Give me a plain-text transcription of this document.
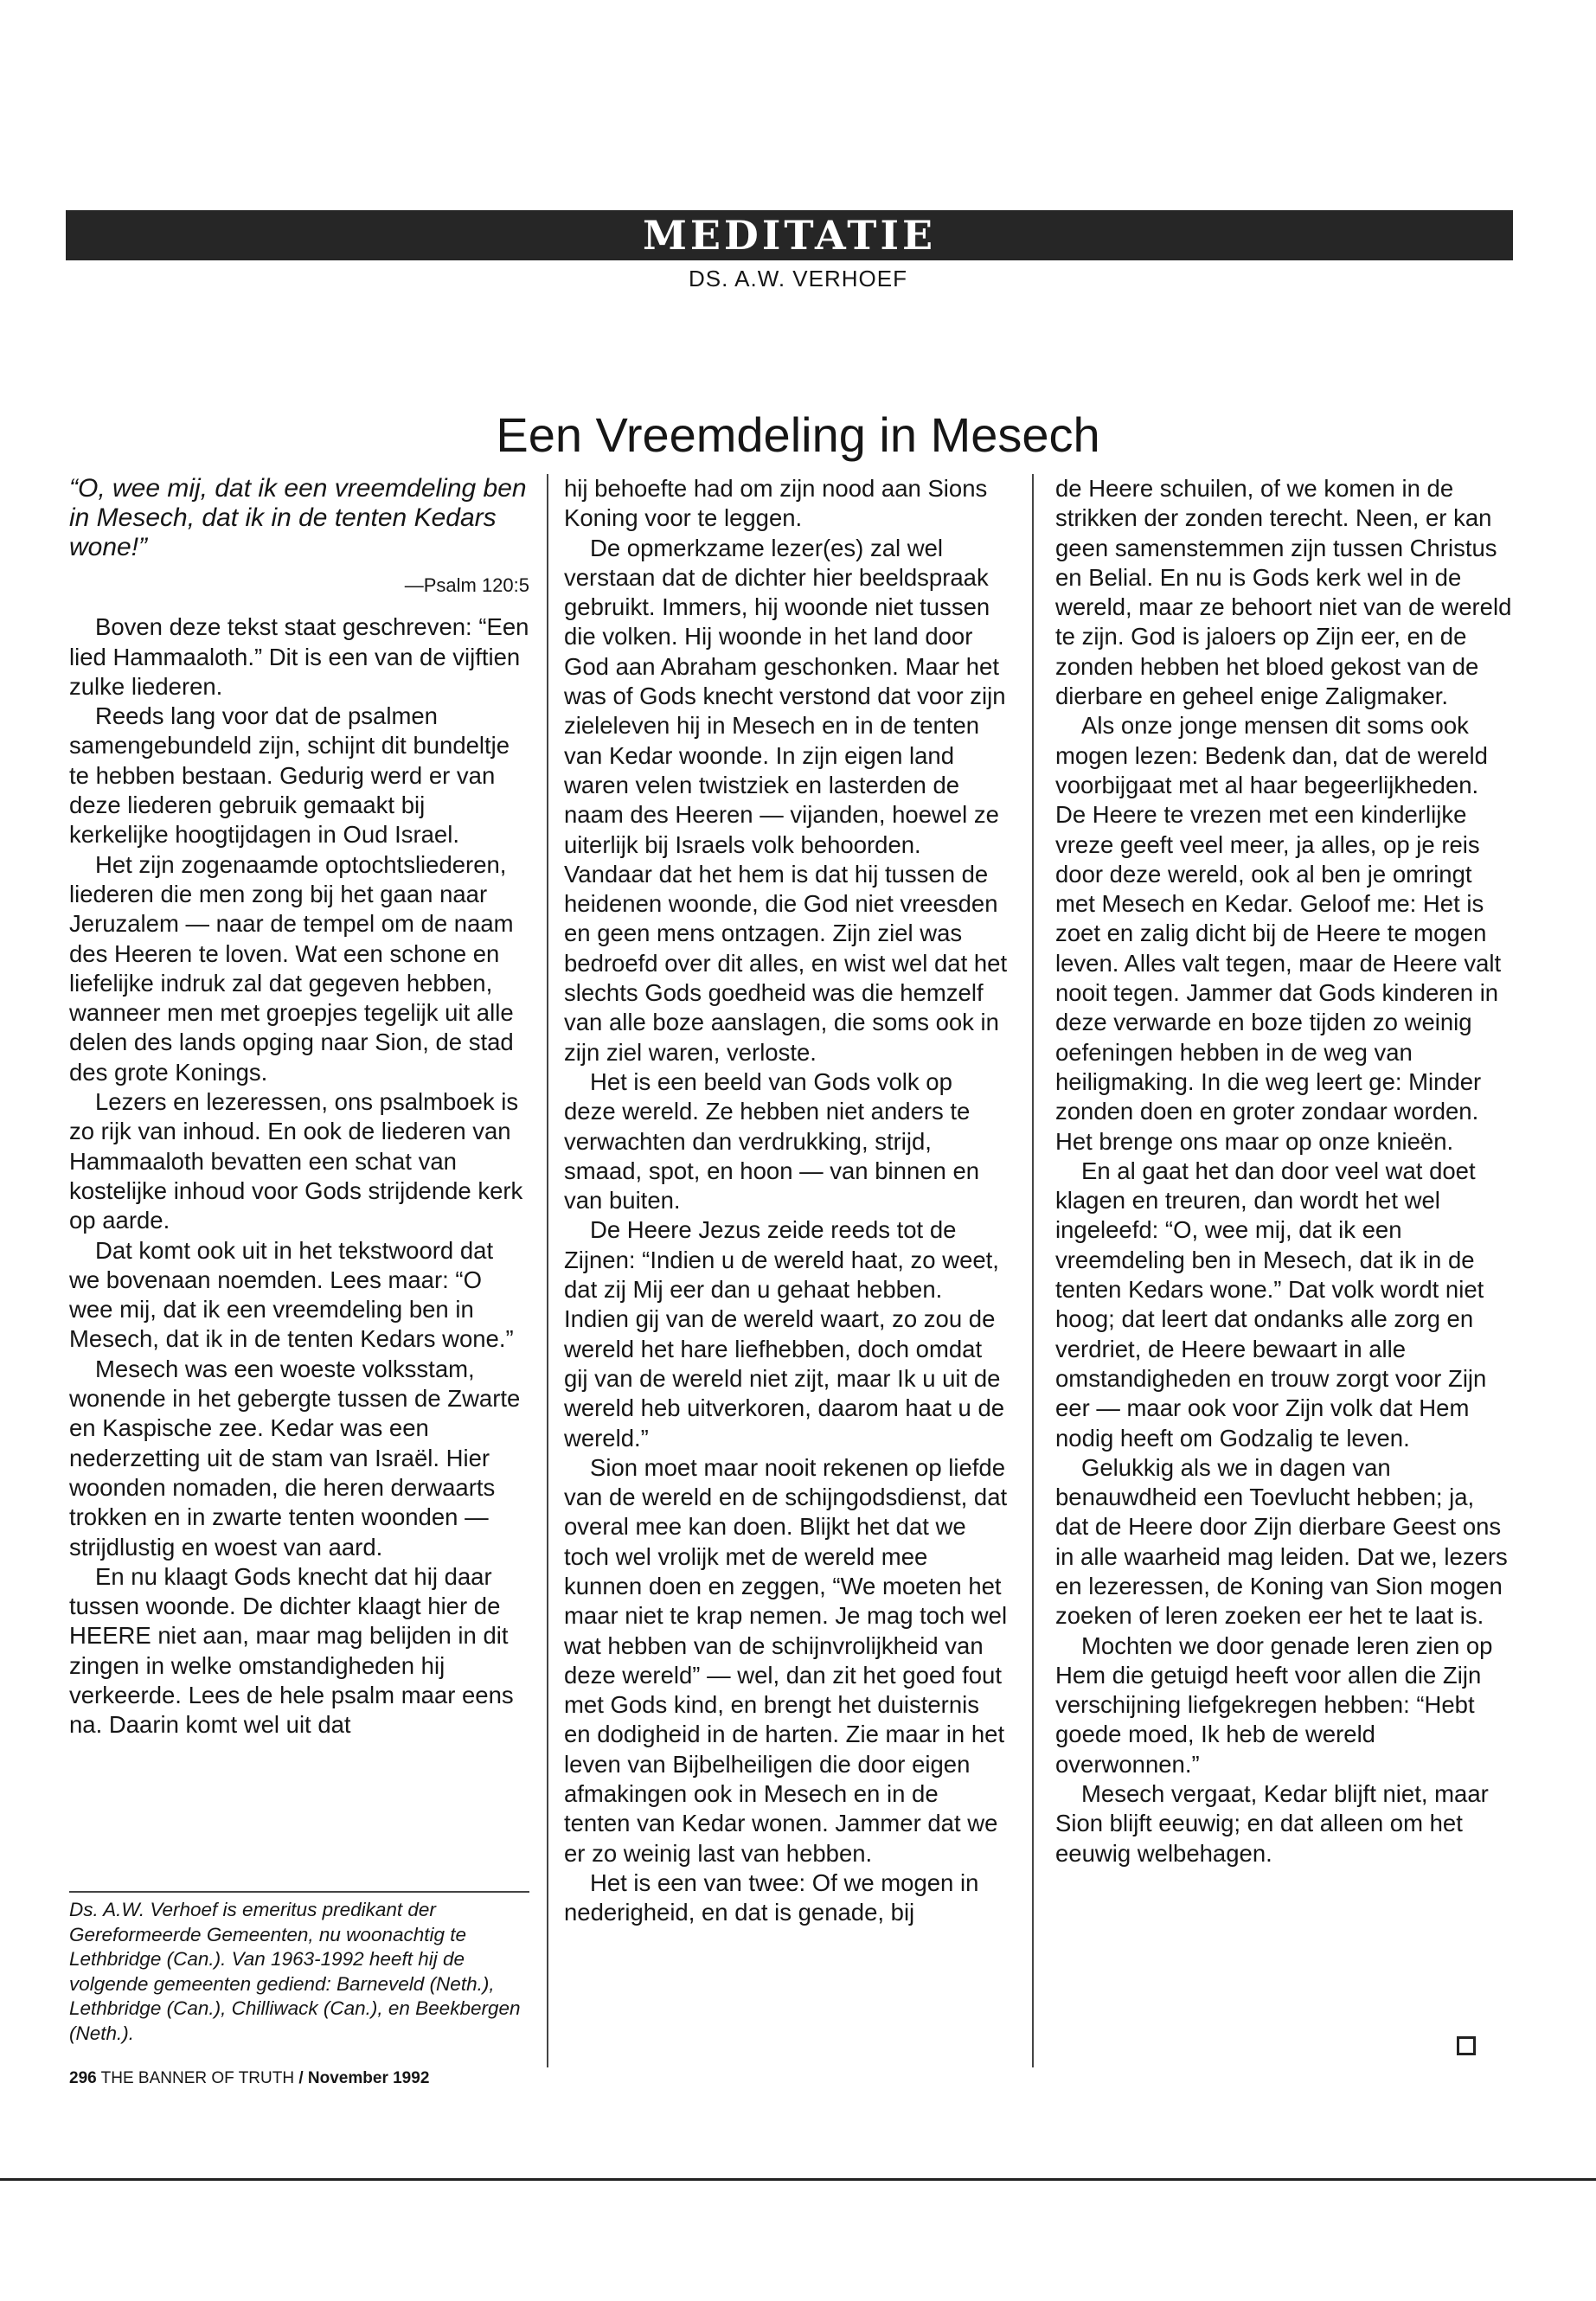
MEDITATIE
DS. A.W. VERHOEF
Een Vreemdeling in Mesech

“O, wee mij, dat ik een vreemdeling ben in Mesech, dat ik in de tenten Kedars wone!”

—Psalm 120:5

Boven deze tekst staat geschreven: “Een lied Hammaaloth.” Dit is een van de vijftien zulke liederen.

Reeds lang voor dat de psalmen samengebundeld zijn, schijnt dit bundeltje te hebben bestaan. Gedurig werd er van deze liederen gebruik gemaakt bij kerkelijke hoogtijdagen in Oud Israel.

Het zijn zogenaamde optochtsliederen, liederen die men zong bij het gaan naar Jeruzalem — naar de tempel om de naam des Heeren te loven. Wat een schone en liefelijke indruk zal dat gegeven hebben, wanneer men met groepjes tegelijk uit alle delen des lands opging naar Sion, de stad des grote Konings.

Lezers en lezeressen, ons psalmboek is zo rijk van inhoud. En ook de liederen van Hammaaloth bevatten een schat van kostelijke inhoud voor Gods strijdende kerk op aarde.

Dat komt ook uit in het tekstwoord dat we bovenaan noemden. Lees maar: “O wee mij, dat ik een vreemdeling ben in Mesech, dat ik in de tenten Kedars wone.”

Mesech was een woeste volksstam, wonende in het gebergte tussen de Zwarte en Kaspische zee. Kedar was een nederzetting uit de stam van Israël. Hier woonden nomaden, die heren derwaarts trokken en in zwarte tenten woonden — strijdlustig en woest van aard.

En nu klaagt Gods knecht dat hij daar tussen woonde. De dichter klaagt hier de HEERE niet aan, maar mag belijden in dit zingen in welke omstandigheden hij verkeerde. Lees de hele psalm maar eens na. Daarin komt wel uit dat

hij behoefte had om zijn nood aan Sions Koning voor te leggen.

De opmerkzame lezer(es) zal wel verstaan dat de dichter hier beeldspraak gebruikt. Immers, hij woonde niet tussen die volken. Hij woonde in het land door God aan Abraham geschonken. Maar het was of Gods knecht verstond dat voor zijn zieleleven hij in Mesech en in de tenten van Kedar woonde. In zijn eigen land waren velen twistziek en lasterden de naam des Heeren — vijanden, hoewel ze uiterlijk bij Israels volk behoorden. Vandaar dat het hem is dat hij tussen de heidenen woonde, die God niet vreesden en geen mens ontzagen. Zijn ziel was bedroefd over dit alles, en wist wel dat het slechts Gods goedheid was die hemzelf van alle boze aanslagen, die soms ook in zijn ziel waren, verloste.

Het is een beeld van Gods volk op deze wereld. Ze hebben niet anders te verwachten dan verdrukking, strijd, smaad, spot, en hoon — van binnen en van buiten.

De Heere Jezus zeide reeds tot de Zijnen: “Indien u de wereld haat, zo weet, dat zij Mij eer dan u gehaat hebben. Indien gij van de wereld waart, zo zou de wereld het hare liefhebben, doch omdat gij van de wereld niet zijt, maar Ik u uit de wereld heb uitverkoren, daarom haat u de wereld.”

Sion moet maar nooit rekenen op liefde van de wereld en de schijngodsdienst, dat overal mee kan doen. Blijkt het dat we toch wel vrolijk met de wereld mee kunnen doen en zeggen, “We moeten het maar niet te krap nemen. Je mag toch wel wat hebben van de schijnvrolijkheid van deze wereld” — wel, dan zit het goed fout met Gods kind, en brengt het duisternis en dodigheid in de harten. Zie maar in het leven van Bijbelheiligen die door eigen afmakingen ook in Mesech en in de tenten van Kedar wonen. Jammer dat we er zo weinig last van hebben.

Het is een van twee: Of we mogen in nederigheid, en dat is genade, bij

de Heere schuilen, of we komen in de strikken der zonden terecht. Neen, er kan geen samenstemmen zijn tussen Christus en Belial. En nu is Gods kerk wel in de wereld, maar ze behoort niet van de wereld te zijn. God is jaloers op Zijn eer, en de zonden hebben het bloed gekost van de dierbare en geheel enige Zaligmaker.

Als onze jonge mensen dit soms ook mogen lezen: Bedenk dan, dat de wereld voorbijgaat met al haar begeerlijkheden. De Heere te vrezen met een kinderlijke vreze geeft veel meer, ja alles, op je reis door deze wereld, ook al ben je omringt met Mesech en Kedar. Geloof me: Het is zoet en zalig dicht bij de Heere te mogen leven. Alles valt tegen, maar de Heere valt nooit tegen. Jammer dat Gods kinderen in deze verwarde en boze tijden zo weinig oefeningen hebben in de weg van heiligmaking. In die weg leert ge: Minder zonden doen en groter zondaar worden. Het brenge ons maar op onze knieën.

En al gaat het dan door veel wat doet klagen en treuren, dan wordt het wel ingeleefd: “O, wee mij, dat ik een vreemdeling ben in Mesech, dat ik in de tenten Kedars wone.” Dat volk wordt niet hoog; dat leert dat ondanks alle zorg en verdriet, de Heere bewaart in alle omstandigheden en trouw zorgt voor Zijn eer — maar ook voor Zijn volk dat Hem nodig heeft om Godzalig te leven.

Gelukkig als we in dagen van benauwdheid een Toevlucht hebben; ja, dat de Heere door Zijn dierbare Geest ons in alle waarheid mag leiden. Dat we, lezers en lezeressen, de Koning van Sion mogen zoeken of leren zoeken eer het te laat is.

Mochten we door genade leren zien op Hem die getuigd heeft voor allen die Zijn verschijning liefgekregen hebben: “Hebt goede moed, Ik heb de wereld overwonnen.”

Mesech vergaat, Kedar blijft niet, maar Sion blijft eeuwig; en dat alleen om het eeuwig welbehagen.

Ds. A.W. Verhoef is emeritus predikant der Gereformeerde Gemeenten, nu woonachtig te Lethbridge (Can.). Van 1963-1992 heeft hij de volgende gemeenten gediend: Barneveld (Neth.), Lethbridge (Can.), Chilliwack (Can.), en Beekbergen (Neth.).
296 THE BANNER OF TRUTH / November 1992
